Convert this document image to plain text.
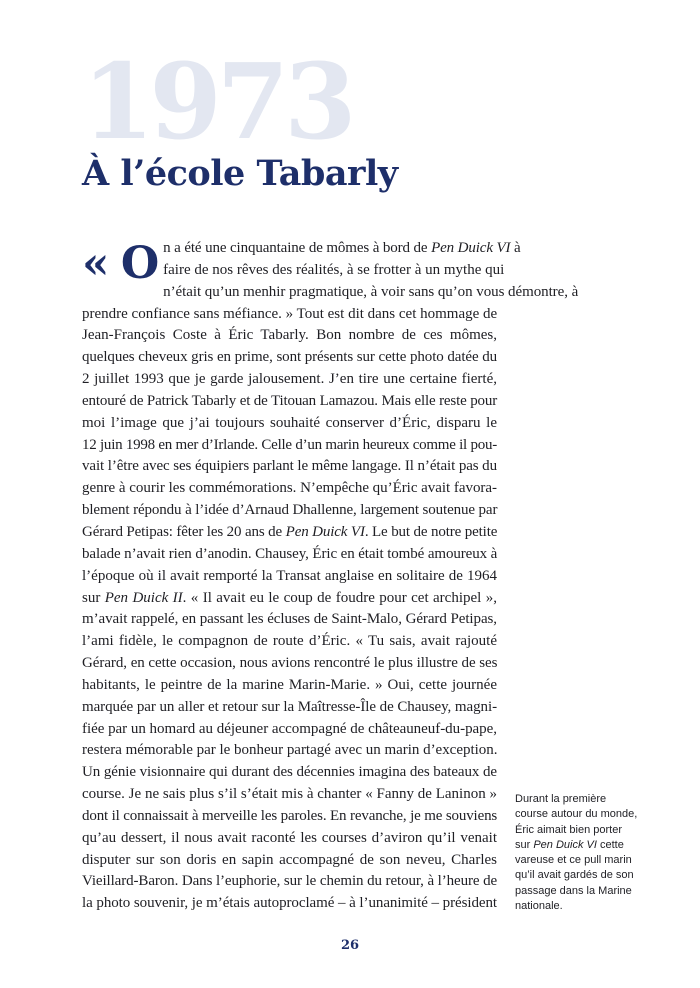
1973
À l’école Tabarly
« O n a été une cinquantaine de mômes à bord de Pen Duick VI à
faire de nos rêves des réalités, à se frotter à un mythe qui
n’était qu’un menhir pragmatique, à voir sans qu’on vous démontre, à
prendre confiance sans méfiance. » Tout est dit dans cet hommage de
Jean-François Coste à Éric Tabarly. Bon nombre de ces mômes,
quelques cheveux gris en prime, sont présents sur cette photo datée du
2 juillet 1993 que je garde jalousement. J’en tire une certaine fierté,
entouré de Patrick Tabarly et de Titouan Lamazou. Mais elle reste pour
moi l’image que j’ai toujours souhaité conserver d’Éric, disparu le
12 juin 1998 en mer d’Irlande. Celle d’un marin heureux comme il pou-
vait l’être avec ses équipiers parlant le même langage. Il n’était pas du
genre à courir les commémorations. N’empêche qu’Éric avait favora-
blement répondu à l’idée d’Arnaud Dhallenne, largement soutenue par
Gérard Petipas: fêter les 20 ans de Pen Duick VI. Le but de notre petite
balade n’avait rien d’anodin. Chausey, Éric en était tombé amoureux à
l’époque où il avait remporté la Transat anglaise en solitaire de 1964
sur Pen Duick II. « Il avait eu le coup de foudre pour cet archipel »,
m’avait rappelé, en passant les écluses de Saint-Malo, Gérard Petipas,
l’ami fidèle, le compagnon de route d’Éric. « Tu sais, avait rajouté
Gérard, en cette occasion, nous avions rencontré le plus illustre de ses
habitants, le peintre de la marine Marin-Marie. » Oui, cette journée
marquée par un aller et retour sur la Maîtresse-Île de Chausey, magni-
fiée par un homard au déjeuner accompagné de châteauneuf-du-pape,
restera mémorable par le bonheur partagé avec un marin d’exception.
Un génie visionnaire qui durant des décennies imagina des bateaux de
course. Je ne sais plus s’il s’était mis à chanter « Fanny de Laninon »
dont il connaissait à merveille les paroles. En revanche, je me souviens
qu’au dessert, il nous avait raconté les courses d’aviron qu’il venait
disputer sur son doris en sapin accompagné de son neveu, Charles
Vieillard-Baron. Dans l’euphorie, sur le chemin du retour, à l’heure de
la photo souvenir, je m’étais autoproclamé – à l’unanimité – président

Durant la première course autour du monde, Éric aimait bien porter sur Pen Duick VI cette vareuse et ce pull marin qu’il avait gardés de son passage dans la Marine nationale.

26
